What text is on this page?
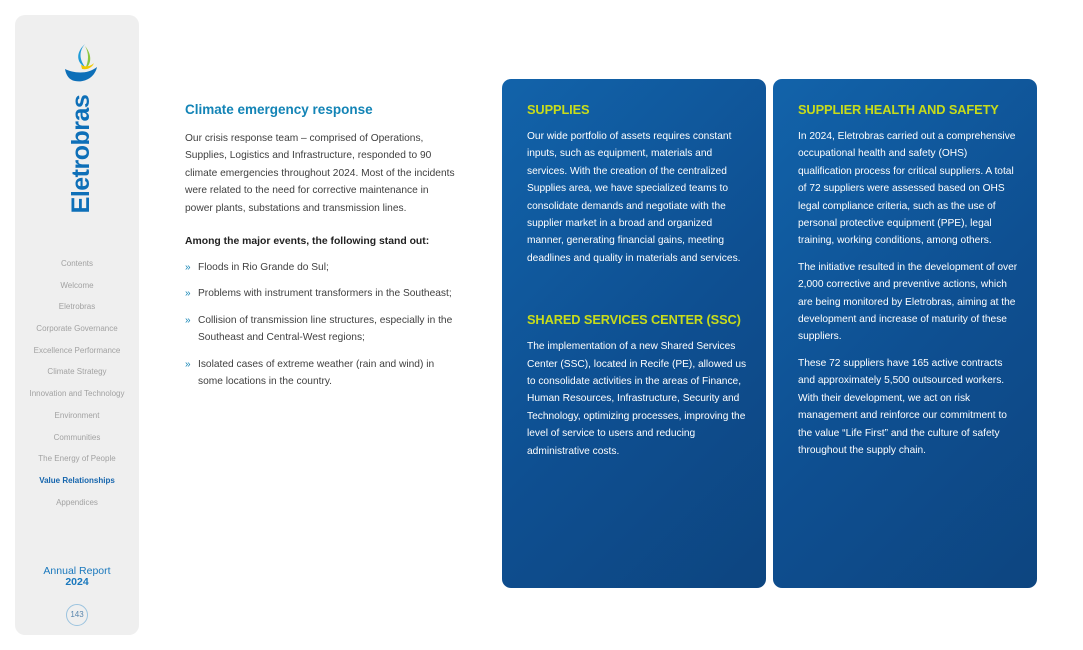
Eletrobras
Contents
Welcome
Eletrobras
Corporate Governance
Excellence Performance
Climate Strategy
Innovation and Technology
Environment
Communities
The Energy of People
Value Relationships
Appendices
Annual Report
2024
143
Climate emergency response

Our crisis response team – comprised of Operations, Supplies, Logistics and Infrastructure, responded to 90 climate emergencies throughout 2024. Most of the incidents were related to the need for corrective maintenance in power plants, substations and transmission lines.

Among the major events, the following stand out:

» Floods in Rio Grande do Sul;
» Problems with instrument transformers in the Southeast;
» Collision of transmission line structures, especially in the Southeast and Central-West regions;
» Isolated cases of extreme weather (rain and wind) in some locations in the country.
SUPPLIES

Our wide portfolio of assets requires constant inputs, such as equipment, materials and services. With the creation of the centralized Supplies area, we have specialized teams to consolidate demands and negotiate with the supplier market in a broad and organized manner, generating financial gains, meeting deadlines and quality in materials and services.

SHARED SERVICES CENTER (SSC)

The implementation of a new Shared Services Center (SSC), located in Recife (PE), allowed us to consolidate activities in the areas of Finance, Human Resources, Infrastructure, Security and Technology, optimizing processes, improving the level of service to users and reducing administrative costs.

SUPPLIER HEALTH AND SAFETY

In 2024, Eletrobras carried out a comprehensive occupational health and safety (OHS) qualification process for critical suppliers. A total of 72 suppliers were assessed based on OHS legal compliance criteria, such as the use of personal protective equipment (PPE), legal training, working conditions, among others.

The initiative resulted in the development of over 2,000 corrective and preventive actions, which are being monitored by Eletrobras, aiming at the development and increase of maturity of these suppliers.

These 72 suppliers have 165 active contracts and approximately 5,500 outsourced workers. With their development, we act on risk management and reinforce our commitment to the value “Life First” and the culture of safety throughout the supply chain.
